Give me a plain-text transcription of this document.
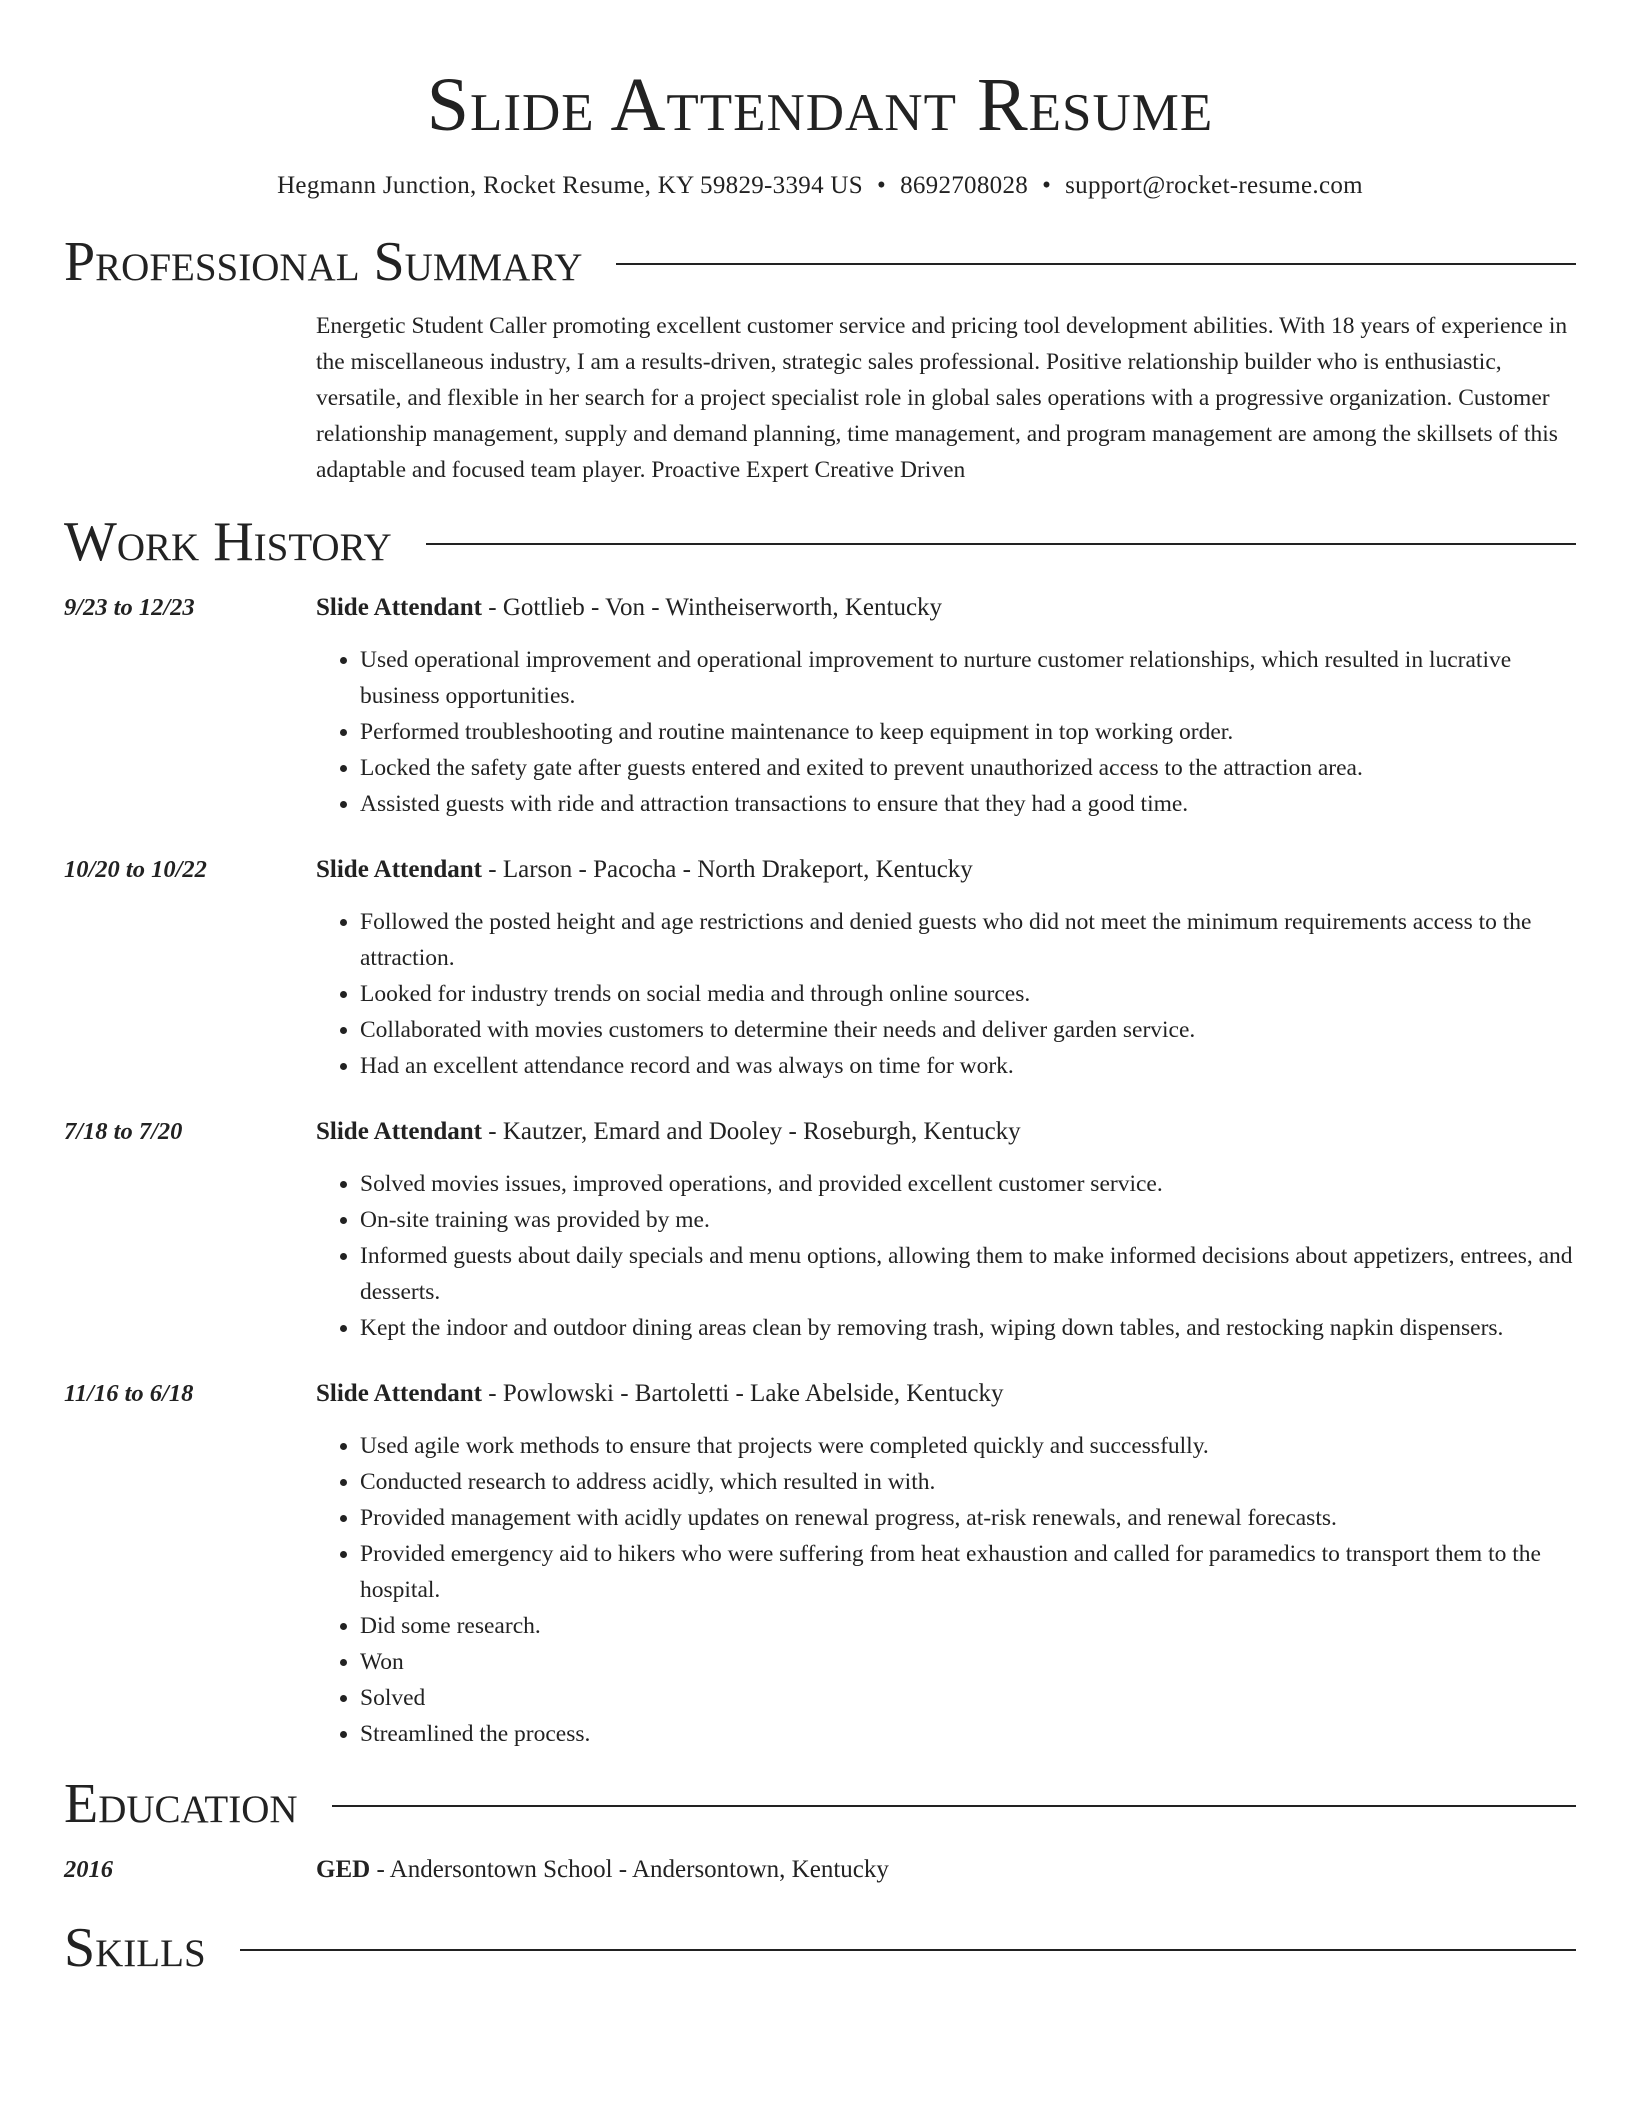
Slide Attendant Resume
Hegmann Junction, Rocket Resume, KY 59829-3394 US • 8692708028 • support@rocket-resume.com
Professional Summary

Energetic Student Caller promoting excellent customer service and pricing tool development abilities. With 18 years of experience in the miscellaneous industry, I am a results-driven, strategic sales professional. Positive relationship builder who is enthusiastic, versatile, and flexible in her search for a project specialist role in global sales operations with a progressive organization. Customer relationship management, supply and demand planning, time management, and program management are among the skillsets of this adaptable and focused team player. Proactive Expert Creative Driven

Work History
9/23 to 12/23	Slide Attendant - Gottlieb - Von - Wintheiserworth, Kentucky
• Used operational improvement and operational improvement to nurture customer relationships, which resulted in lucrative business opportunities.
• Performed troubleshooting and routine maintenance to keep equipment in top working order.
• Locked the safety gate after guests entered and exited to prevent unauthorized access to the attraction area.
• Assisted guests with ride and attraction transactions to ensure that they had a good time.
10/20 to 10/22	Slide Attendant - Larson - Pacocha - North Drakeport, Kentucky
• Followed the posted height and age restrictions and denied guests who did not meet the minimum requirements access to the attraction.
• Looked for industry trends on social media and through online sources.
• Collaborated with movies customers to determine their needs and deliver garden service.
• Had an excellent attendance record and was always on time for work.
7/18 to 7/20	Slide Attendant - Kautzer, Emard and Dooley - Roseburgh, Kentucky
• Solved movies issues, improved operations, and provided excellent customer service.
• On-site training was provided by me.
• Informed guests about daily specials and menu options, allowing them to make informed decisions about appetizers, entrees, and desserts.
• Kept the indoor and outdoor dining areas clean by removing trash, wiping down tables, and restocking napkin dispensers.
11/16 to 6/18	Slide Attendant - Powlowski - Bartoletti - Lake Abelside, Kentucky
• Used agile work methods to ensure that projects were completed quickly and successfully.
• Conducted research to address acidly, which resulted in with.
• Provided management with acidly updates on renewal progress, at-risk renewals, and renewal forecasts.
• Provided emergency aid to hikers who were suffering from heat exhaustion and called for paramedics to transport them to the hospital.
• Did some research.
• Won
• Solved
• Streamlined the process.
Education
2016	GED - Andersontown School - Andersontown, Kentucky
Skills
